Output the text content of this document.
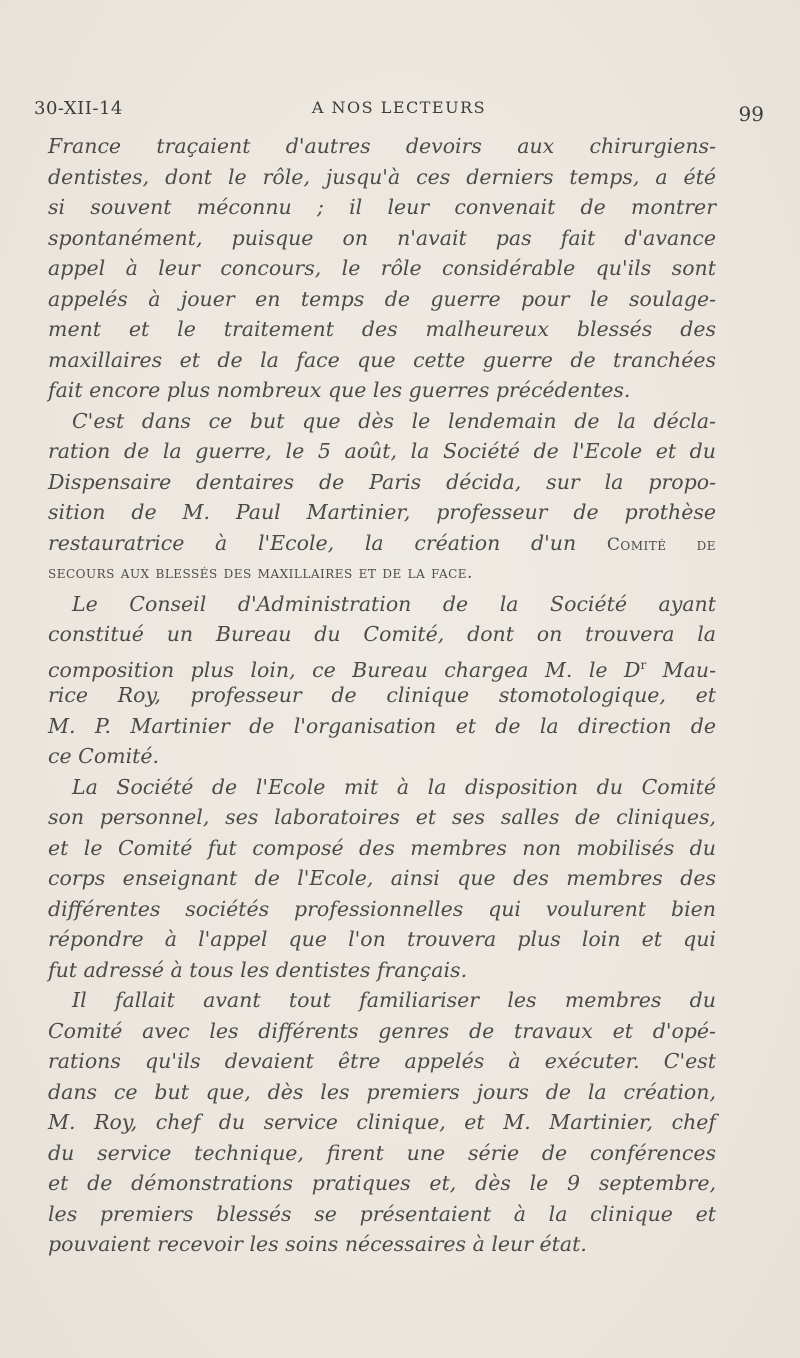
30-XII-14	A NOS LECTEURS	99
France traçaient d'autres devoirs aux chirurgiens-
dentistes, dont le rôle, jusqu'à ces derniers temps, a été
si souvent méconnu ; il leur convenait de montrer
spontanément, puisque on n'avait pas fait d'avance
appel à leur concours, le rôle considérable qu'ils sont
appelés à jouer en temps de guerre pour le soulage-
ment et le traitement des malheureux blessés des
maxillaires et de la face que cette guerre de tranchées
fait encore plus nombreux que les guerres précédentes.
C'est dans ce but que dès le lendemain de la décla-
ration de la guerre, le 5 août, la Société de l'Ecole et du
Dispensaire dentaires de Paris décida, sur la propo-
sition de M. Paul Martinier, professeur de prothèse
restauratrice à l'Ecole, la création d'un Comité de
secours aux blessés des maxillaires et de la face.
Le Conseil d'Administration de la Société ayant
constitué un Bureau du Comité, dont on trouvera la
composition plus loin, ce Bureau chargea M. le $D^r$ Mau-
rice Roy, professeur de clinique stomotologique, et
M. P. Martinier de l'organisation et de la direction de
ce Comité.
La Société de l'Ecole mit à la disposition du Comité
son personnel, ses laboratoires et ses salles de cliniques,
et le Comité fut composé des membres non mobilisés du
corps enseignant de l'Ecole, ainsi que des membres des
différentes sociétés professionnelles qui voulurent bien
répondre à l'appel que l'on trouvera plus loin et qui
fut adressé à tous les dentistes français.
Il fallait avant tout familiariser les membres du
Comité avec les différents genres de travaux et d'opé-
rations qu'ils devaient être appelés à exécuter. C'est
dans ce but que, dès les premiers jours de la création,
M. Roy, chef du service clinique, et M. Martinier, chef
du service technique, firent une série de conférences
et de démonstrations pratiques et, dès le 9 septembre,
les premiers blessés se présentaient à la clinique et
pouvaient recevoir les soins nécessaires à leur état.
